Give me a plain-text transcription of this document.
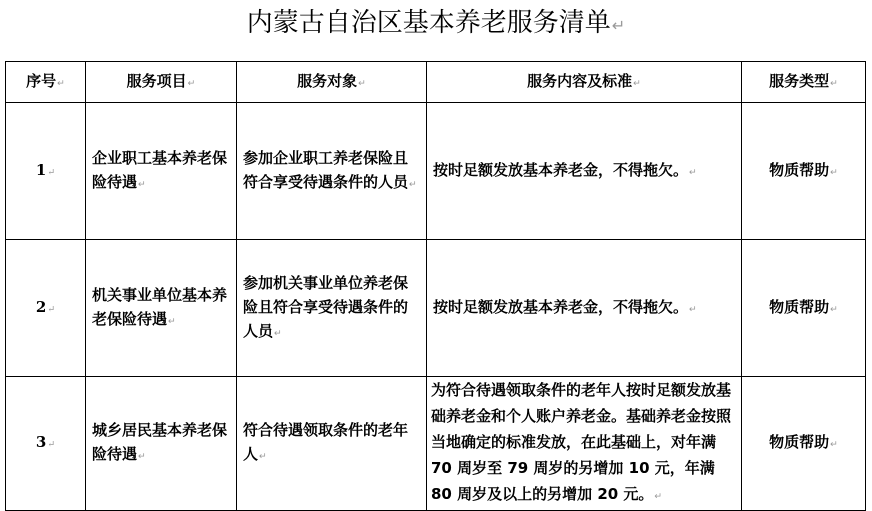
内蒙古自治区基本养老服务清单↵
序号↵	服务项目↵	服务对象↵	服务内容及标准↵	服务类型↵
1↵	企业职工基本养老保险待遇↵	参加企业职工养老保险且符合享受待遇条件的人员↵	按时足额发放基本养老金，不得拖欠。↵	物质帮助↵
2↵	机关事业单位基本养老保险待遇↵	参加机关事业单位养老保险且符合享受待遇条件的人员↵	按时足额发放基本养老金，不得拖欠。↵	物质帮助↵
3↵	城乡居民基本养老保险待遇↵	符合待遇领取条件的老年人↵	为符合待遇领取条件的老年人按时足额发放基础养老金和个人账户养老金。基础养老金按照当地确定的标准发放，在此基础上，对年满 70 周岁至 79 周岁的另增加 10 元，年满 80 周岁及以上的另增加 20 元。↵	物质帮助↵
